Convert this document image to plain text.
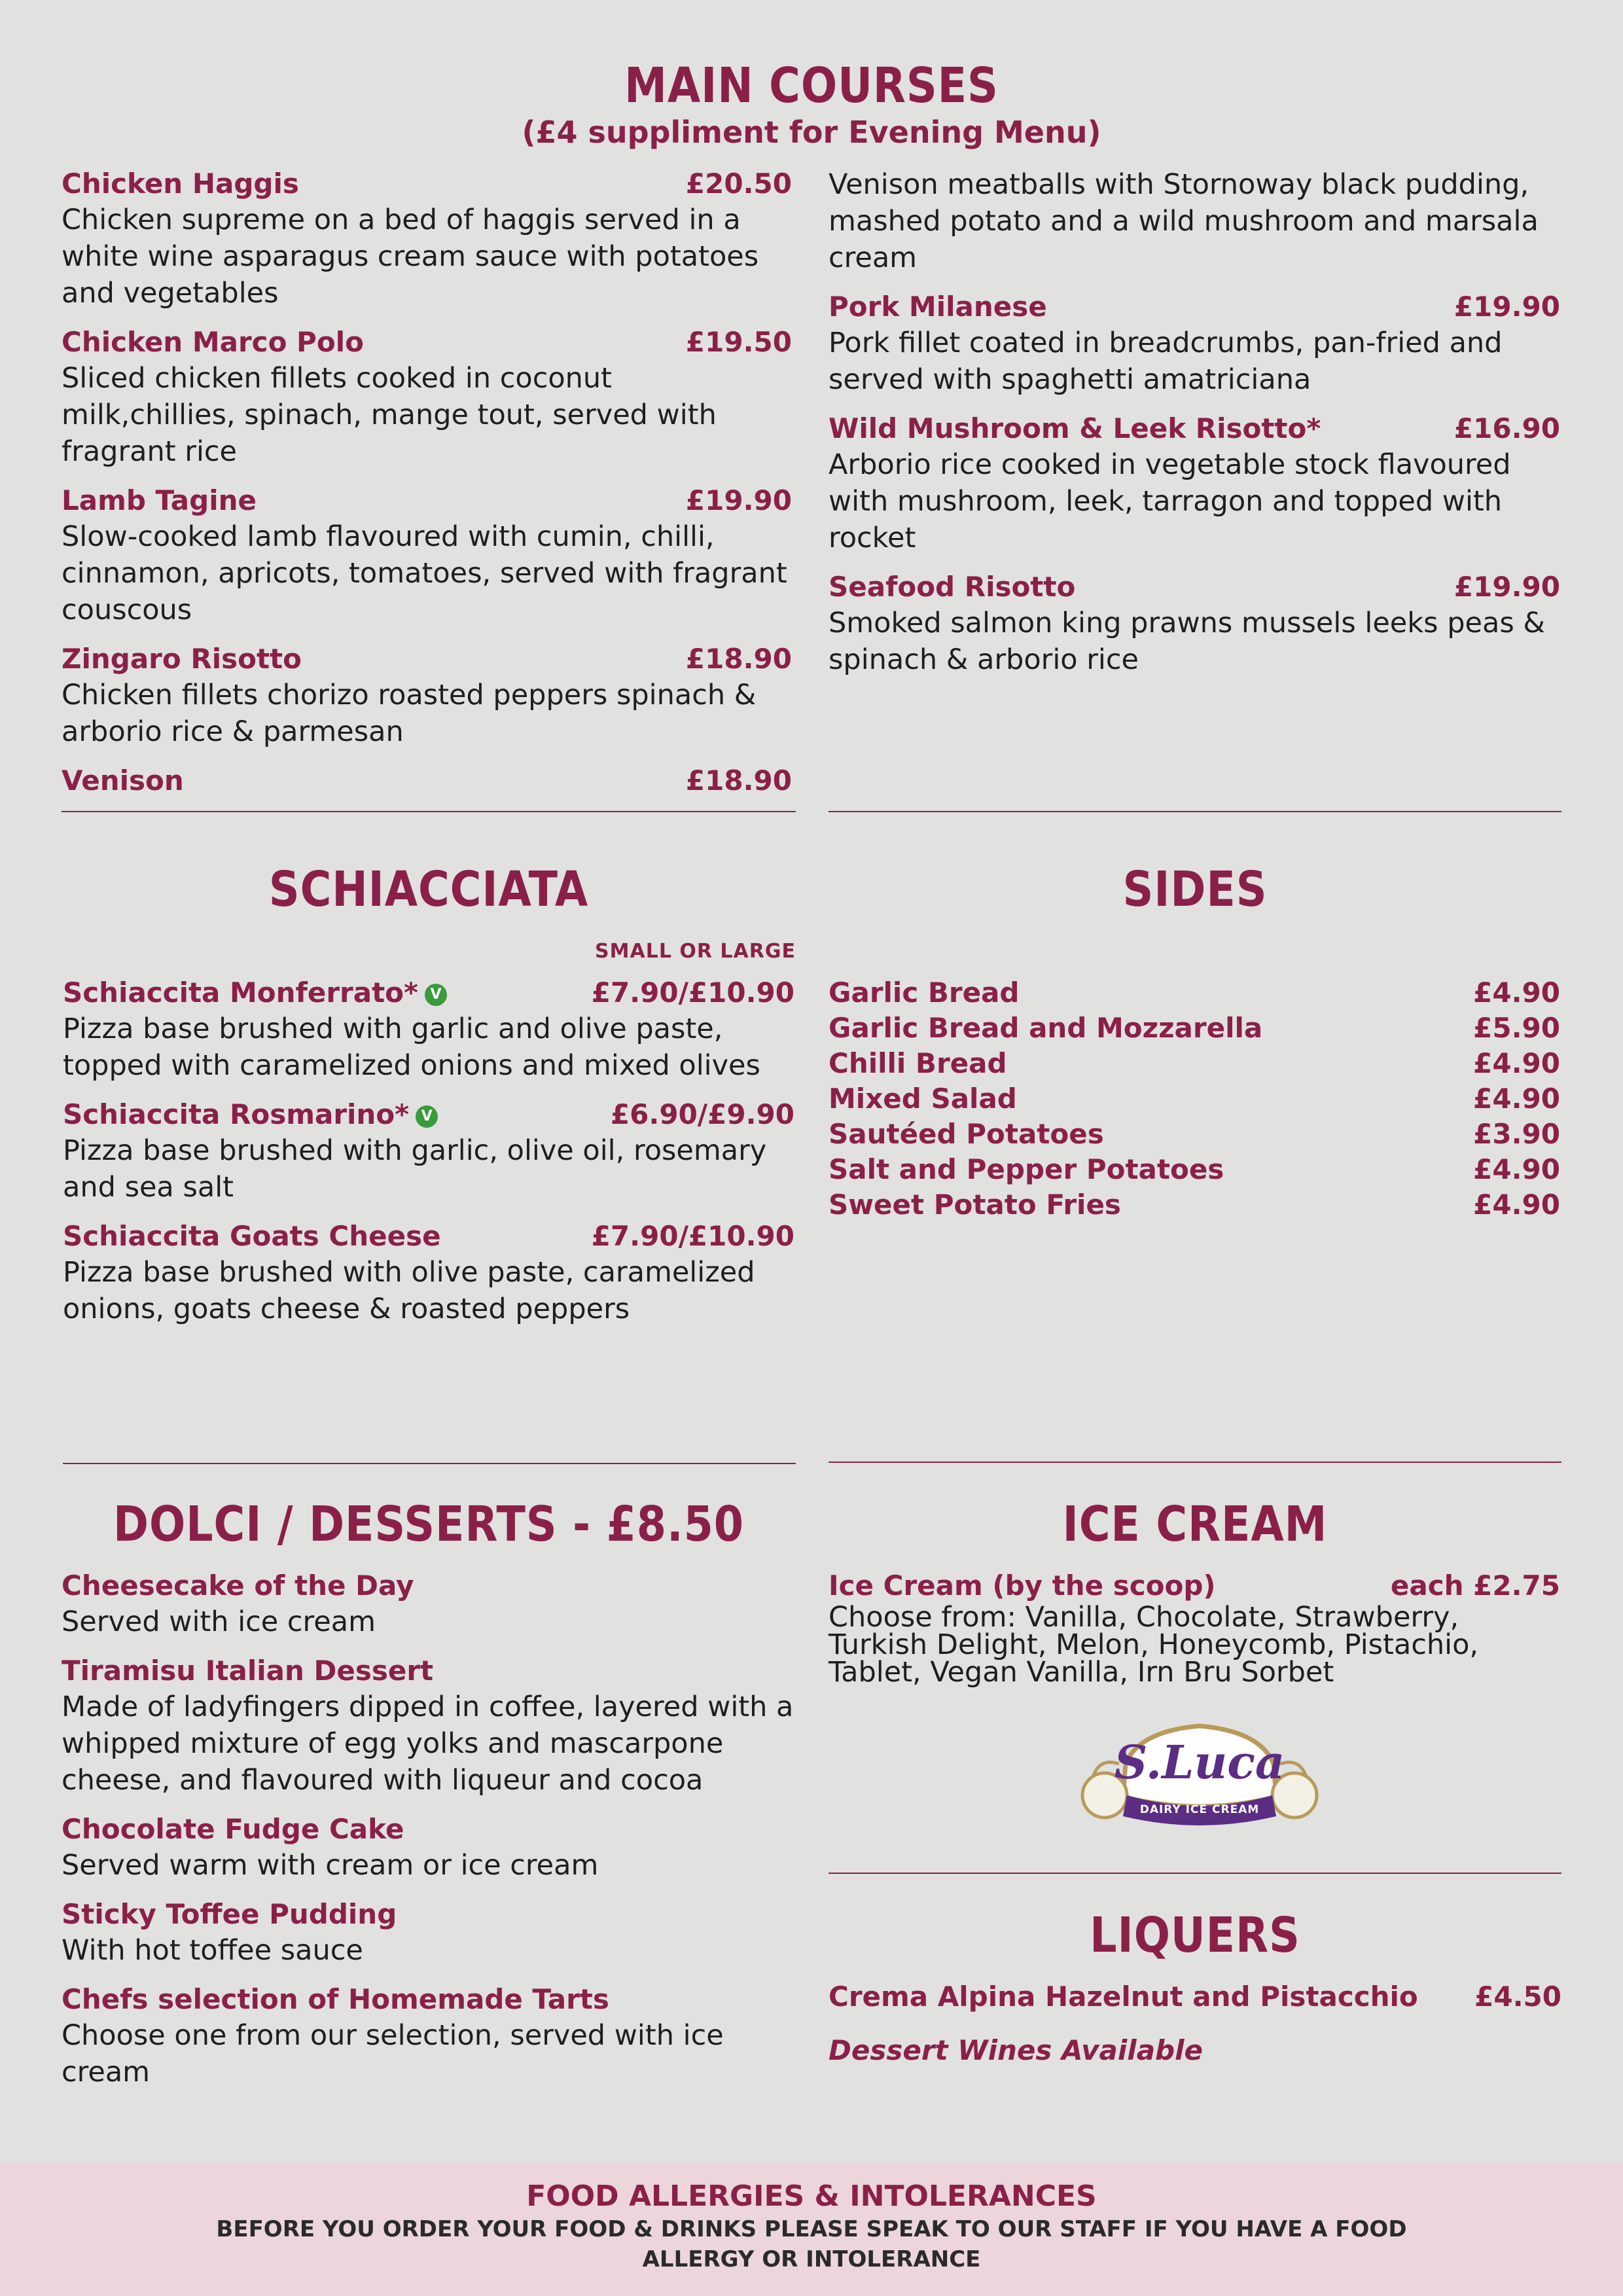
MAIN COURSES
(£4 suppliment for Evening Menu)
Chicken Haggis	£20.50
Chicken supreme on a bed of haggis served in a white wine asparagus cream sauce with potatoes and vegetables
Chicken Marco Polo	£19.50
Sliced chicken fillets cooked in coconut milk,chillies, spinach, mange tout, served with fragrant rice
Lamb Tagine	£19.90
Slow-cooked lamb flavoured with cumin, chilli, cinnamon, apricots, tomatoes, served with fragrant couscous
Zingaro Risotto	£18.90
Chicken fillets chorizo roasted peppers spinach & arborio rice & parmesan
Venison	£18.90
Venison meatballs with Stornoway black pudding, mashed potato and a wild mushroom and marsala cream
Pork Milanese	£19.90
Pork fillet coated in breadcrumbs, pan-fried and served with spaghetti amatriciana
Wild Mushroom & Leek Risotto*	£16.90
Arborio rice cooked in vegetable stock flavoured with mushroom, leek, tarragon and topped with rocket
Seafood Risotto	£19.90
Smoked salmon king prawns mussels leeks peas & spinach & arborio rice
SCHIACCIATA
SMALL OR LARGE
Schiaccita Monferrato* V	£7.90/£10.90
Pizza base brushed with garlic and olive paste, topped with caramelized onions and mixed olives
Schiaccita Rosmarino* V	£6.90/£9.90
Pizza base brushed with garlic, olive oil, rosemary and sea salt
Schiaccita Goats Cheese	£7.90/£10.90
Pizza base brushed with olive paste, caramelized onions, goats cheese & roasted peppers
SIDES
Garlic Bread	£4.90
Garlic Bread and Mozzarella	£5.90
Chilli Bread	£4.90
Mixed Salad	£4.90
Sautéed Potatoes	£3.90
Salt and Pepper Potatoes	£4.90
Sweet Potato Fries	£4.90
DOLCI / DESSERTS - £8.50
Cheesecake of the Day
Served with ice cream
Tiramisu Italian Dessert
Made of ladyfingers dipped in coffee, layered with a whipped mixture of egg yolks and mascarpone cheese, and flavoured with liqueur and cocoa
Chocolate Fudge Cake
Served warm with cream or ice cream
Sticky Toffee Pudding
With hot toffee sauce
Chefs selection of Homemade Tarts
Choose one from our selection, served with ice cream
ICE CREAM
Ice Cream (by the scoop)	each £2.75
Choose from: Vanilla, Chocolate, Strawberry, Turkish Delight, Melon, Honeycomb, Pistachio, Tablet, Vegan Vanilla, Irn Bru Sorbet
S.Luca
DAIRY ICE CREAM
LIQUERS
Crema Alpina Hazelnut and Pistacchio £4.50
Dessert Wines Available
FOOD ALLERGIES & INTOLERANCES
BEFORE YOU ORDER YOUR FOOD & DRINKS PLEASE SPEAK TO OUR STAFF IF YOU HAVE A FOOD
ALLERGY OR INTOLERANCE
